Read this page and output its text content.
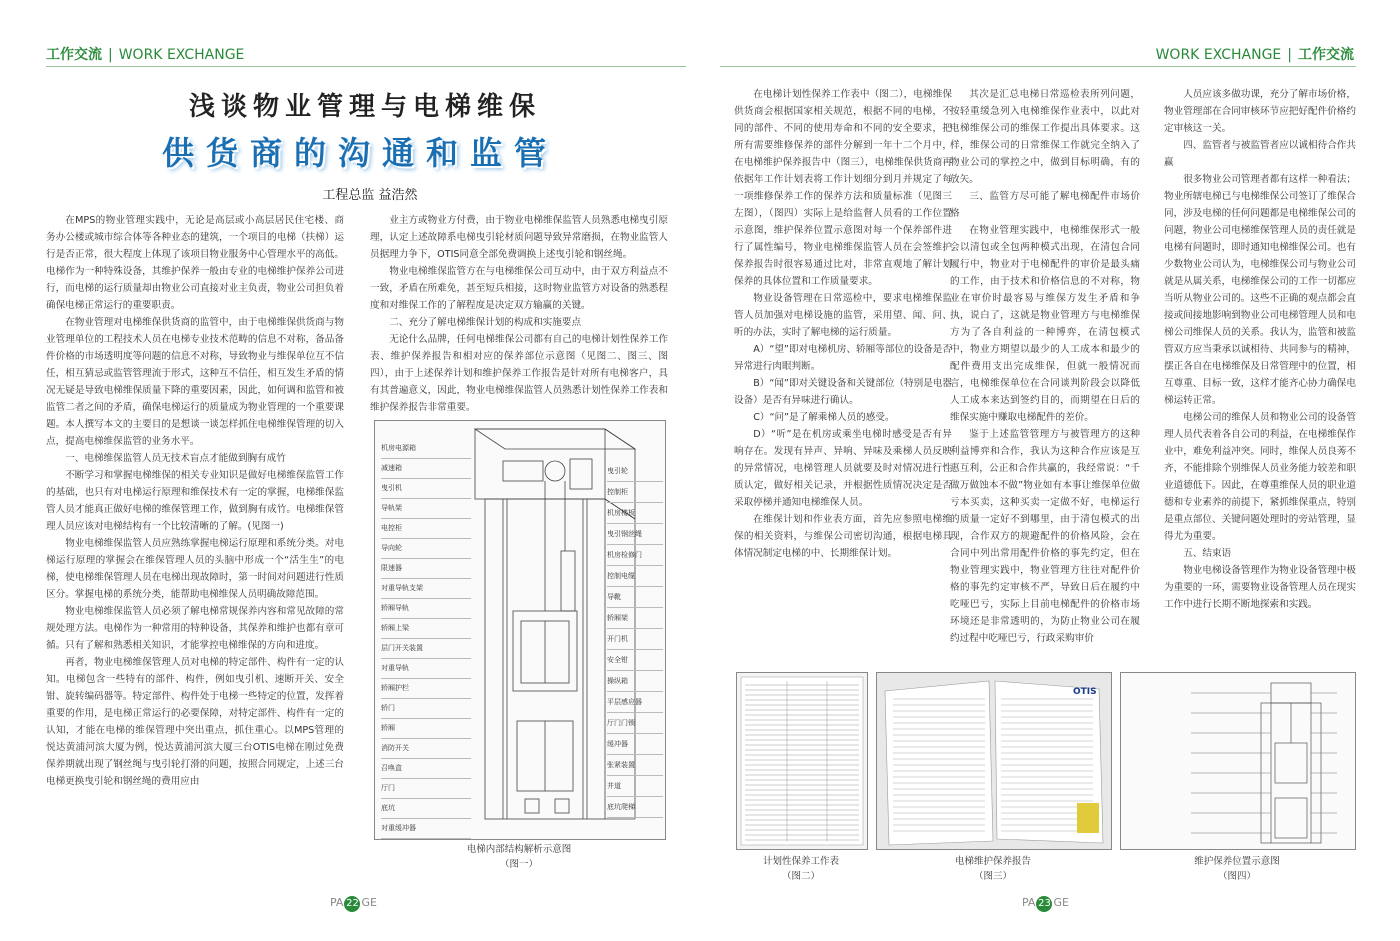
工作交流 | WORK EXCHANGE	WORK EXCHANGE | 工作交流
浅谈物业管理与电梯维保
供货商的沟通和监管
工程总监 益浩然

在MPS的物业管理实践中，无论是高层或小高层居民住宅楼、商务办公楼或城市综合体等各种业态的建筑，一个项目的电梯（扶梯）运行是否正常，很大程度上体现了该项目物业服务中心管理水平的高低。电梯作为一种特殊设备，其维护保养一般由专业的电梯维护保养公司进行，而电梯的运行质量却由物业公司直接对业主负责，物业公司担负着确保电梯正常运行的重要职责。

在物业管理对电梯维保供货商的监管中，由于电梯维保供货商与物业管理单位的工程技术人员在电梯专业技术范畴的信息不对称，备品备件价格的市场透明度等问题的信息不对称，导致物业与维保单位互不信任，相互猜忌或监管管理流于形式，这种互不信任，相互发生矛盾的情况无疑是导致电梯维保质量下降的重要因素，因此，如何调和监管和被监管二者之间的矛盾，确保电梯运行的质量成为物业管理的一个重要课题。本人撰写本文的主要目的是想谈一谈怎样抓住电梯维保管理的切入点，提高电梯维保监管的业务水平。

一、电梯维保监管人员无技术盲点才能做到胸有成竹

不断学习和掌握电梯维保的相关专业知识是做好电梯维保监管工作的基础，也只有对电梯运行原理和维保技术有一定的掌握，电梯维保监管人员才能真正做好电梯的维保管理工作，做到胸有成竹。电梯维保管理人员应该对电梯结构有一个比较清晰的了解。(见图一)

物业电梯维保监管人员应熟练掌握电梯运行原理和系统分类。对电梯运行原理的掌握会在维保管理人员的头脑中形成一个“活生生”的电梯，使电梯维保管理人员在电梯出现故障时，第一时间对问题进行性质区分。掌握电梯的系统分类，能帮助电梯维保人员明确故障范围。

物业电梯维保监管人员必须了解电梯常规保养内容和常见故障的常规处理方法。电梯作为一种常用的特种设备，其保养和维护也都有章可循。只有了解和熟悉相关知识，才能掌控电梯维保的方向和进度。

再者，物业电梯维保管理人员对电梯的特定部件、构件有一定的认知。电梯包含一些特有的部件、构件，例如曳引机、速断开关、安全钳、旋转编码器等。特定部件、构件处于电梯一些特定的位置，发挥着重要的作用，是电梯正常运行的必要保障，对特定部件、构件有一定的认知，才能在电梯的维保管理中突出重点，抓住重心。以MPS管理的悦达黄浦河滨大厦为例，悦达黄浦河滨大厦三台OTIS电梯在刚过免费保养期就出现了钢丝绳与曳引轮打滑的问题，按照合同规定，上述三台电梯更换曳引轮和钢丝绳的费用应由

业主方或物业方付费，由于物业电梯维保监管人员熟悉电梯曳引原理，认定上述故障系电梯曳引轮材质问题导致异常磨损，在物业监管人员据理力争下，OTIS同意全部免费调换上述曳引轮和钢丝绳。

物业电梯维保监管方在与电梯维保公司互动中，由于双方利益点不一致，矛盾在所难免，甚至短兵相接，这时物业监管方对设备的熟悉程度和对维保工作的了解程度是决定双方输赢的关键。

二、充分了解电梯维保计划的构成和实施要点

无论什么品牌，任何电梯维保公司都有自己的电梯计划性保养工作表、维护保养报告和相对应的保养部位示意图（见图二、图三、图四），由于上述保养计划和维护保养工作报告是针对所有电梯客户，具有其普遍意义，因此，物业电梯维保监管人员熟悉计划性保养工作表和维护保养报告非常重要。

在电梯计划性保养工作表中（图二），电梯维保供货商会根据国家相关规范，根据不同的电梯，不同的部件、不同的使用寿命和不同的安全要求，把所有需要维修保养的部件分解到一年十二个月中，在电梯维护保养报告中（图三），电梯维保供货商再依据年工作计划表将工作计划细分到月并规定了每一项维修保养工作的保养方法和质量标准（见图三左图），（图四）实际上是给监督人员看的工作位置示意图，维护保养位置示意图对每一个保养部件进行了属性编号，物业电梯维保监管人员在会签维护保养报告时很容易通过比对，非常直观地了解计划保养的具体位置和工作质量要求。

物业设备管理在日常巡检中，要求电梯维保监管人员加强对电梯设施的监管，采用望、闻、问、听的办法，实时了解电梯的运行质量。

A）“望”即对电梯机房、轿厢等部位的设备是否异常进行肉眼判断。

B）“闻”即对关键设备和关键部位（特别是电器设备）是否有异味进行确认。

C）“问”是了解乘梯人员的感受。

D）“听”是在机房或乘坐电梯时感受是否有异响存在。发现有异声、异响、异味及乘梯人员反映的异常情况，电梯管理人员就要及时对情况进行性质认定，做好相关记录，并根据性质情况决定是否采取停梯并通知电梯维保人员。

在维保计划和作业表方面，首先应参照电梯维保的相关资料，与维保公司密切沟通，根据电梯具体情况制定电梯的中、长期维保计划。

其次是汇总电梯日常巡检表所列问题，按轻重缓急列入电梯维保作业表中，以此对电梯维保公司的维保工作提出具体要求。这样，维保公司的日常维保工作就完全纳入了物业公司的掌控之中，做到目标明确，有的放矢。

三、监管方尽可能了解电梯配件市场价格

在物业管理实践中，电梯维保形式一般会以清包或全包两种模式出现，在清包合同履行中，物业对于电梯配件的审价是最头痛的工作，由于技术和价格信息的不对称，物业在审价时最容易与维保方发生矛盾和争执，说白了，这就是物业管理方与电梯维保方为了各自利益的一种博弈，在清包模式中，物业方期望以最少的人工成本和最少的配件费用支出完成维保，但就一般情况而言，电梯维保单位在合同谈判阶段会以降低人工成本来达到签约目的，而期望在日后的维保实施中赚取电梯配件的差价。

鉴于上述监管管理方与被管理方的这种利益博弈和合作，我认为这种合作应该是互惠互利，公正和合作共赢的，我经常说：“千做万做蚀本不做”物业如有本事让维保单位做亏本买卖，这种买卖一定做不好，电梯运行的质量一定好不到哪里，由于清包模式的出现，合作双方的规避配件的价格风险，会在合同中列出常用配件价格的事先约定，但在物业管理实践中，物业管理方往往对配件价格的事先约定审核不严，导致日后在履约中吃哑巴亏，实际上目前电梯配件的价格市场环境还是非常透明的，为防止物业公司在履约过程中吃哑巴亏，行政采购审价

人员应该多做功课，充分了解市场价格，物业管理部在合同审核环节应把好配件价格约定审核这一关。

四、监管者与被监管者应以诚相待合作共赢

很多物业公司管理者都有这样一种看法；物业所辖电梯已与电梯维保公司签订了维保合同，涉及电梯的任何问题都是电梯维保公司的问题，物业公司电梯维保管理人员的责任就是电梯有问题时，即时通知电梯维保公司。也有少数物业公司认为，电梯维保公司与物业公司就是从属关系，电梯维保公司的工作一切都应当听从物业公司的。这些不正确的观点都会直接或间接地影响到物业公司电梯管理人员和电梯公司维保人员的关系。我认为，监管和被监管双方应当秉承以诚相待、共同参与的精神，摆正各自在电梯维保及日常管理中的位置，相互尊重、目标一致，这样才能齐心协力确保电梯运转正常。

电梯公司的维保人员和物业公司的设备管理人员代表着各自公司的利益，在电梯维保作业中，难免利益冲突。同时，维保人员良莠不齐，不能排除个别维保人员业务能力较差和职业道德低下。因此，在尊重维保人员的职业道德和专业素养的前提下，紧抓维保重点，特别是重点部位、关键问题处理时的旁站管理，显得尤为重要。

五、结束语

物业电梯设备管理作为物业设备管理中极为重要的一环，需要物业设备管理人员在现实工作中进行长期不断地探索和实践。

机房电源箱
减速箱
曳引机
导轨架
电控柜
导向轮
限速器
对重导轨支架
轿厢导轨
轿厢上梁
层门开关装置
对重导轨
轿厢护栏
轿门
轿厢
消防开关
召唤盒
厅门
底坑
对重缓冲器
曳引轮
控制柜
机房楼板
曳引钢丝绳
机房检修门
控制电缆
导靴
轿厢架
开门机
安全钳
操纵箱
平层感应器
厅门门锁
缓冲器
张紧装置
井道
底坑爬梯
电梯内部结构解析示意图
（图一）	计划性保养工作表
（图二）
OTIS
电梯维护保养报告
（图三）
维护保养位置示意图
（图四）
PA 22 GE	PA 23 GE
